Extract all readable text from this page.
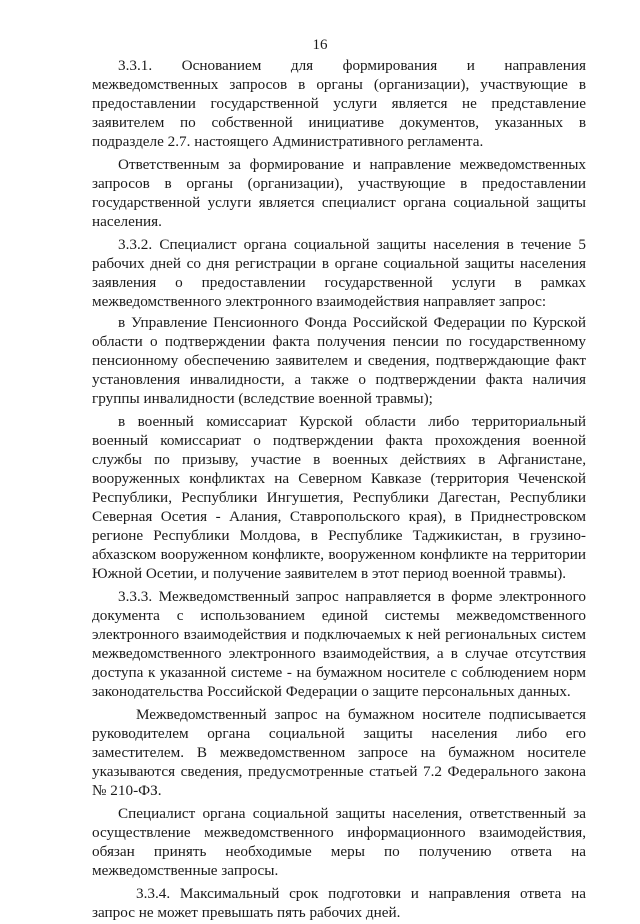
16

3.3.1. Основанием для формирования и направления межведомственных запросов в органы (организации), участвующие в предоставлении государственной услуги является не представление заявителем по собственной инициативе документов, указанных в подразделе 2.7. настоящего Административного регламента.

Ответственным за формирование и направление межведомственных запросов в органы (организации), участвующие в предоставлении государственной услуги является специалист органа социальной защиты населения.

3.3.2. Специалист органа социальной защиты населения в течение 5 рабочих дней со дня регистрации в органе социальной защиты населения заявления о предоставлении государственной услуги в рамках межведомственного электронного взаимодействия направляет запрос:

в Управление Пенсионного Фонда Российской Федерации по Курской области о подтверждении факта получения пенсии по государственному пенсионному обеспечению заявителем и сведения, подтверждающие факт установления инвалидности, а также о подтверждении факта наличия группы инвалидности (вследствие военной травмы);

в военный комиссариат Курской области либо территориальный военный комиссариат о подтверждении факта прохождения военной службы по призыву, участие в военных действиях в Афганистане, вооруженных конфликтах на Северном Кавказе (территория Чеченской Республики, Республики Ингушетия, Республики Дагестан, Республики Северная Осетия - Алания, Ставропольского края), в Приднестровском регионе Республики Молдова, в Республике Таджикистан, в грузино-абхазском вооруженном конфликте, вооруженном конфликте на территории Южной Осетии, и получение заявителем в этот период военной травмы).

3.3.3. Межведомственный запрос направляется в форме электронного документа с использованием единой системы межведомственного электронного взаимодействия и подключаемых к ней региональных систем межведомственного электронного взаимодействия, а в случае отсутствия доступа к указанной системе - на бумажном носителе с соблюдением норм законодательства Российской Федерации о защите персональных данных.

Межведомственный запрос на бумажном носителе подписывается руководителем органа социальной защиты населения либо его заместителем. В межведомственном запросе на бумажном носителе указываются сведения, предусмотренные статьей 7.2 Федерального закона № 210-ФЗ.

Специалист органа социальной защиты населения, ответственный за осуществление межведомственного информационного взаимодействия, обязан принять необходимые меры по получению ответа на межведомственные запросы.

3.3.4. Максимальный срок подготовки и направления ответа на запрос не может превышать пять рабочих дней.
